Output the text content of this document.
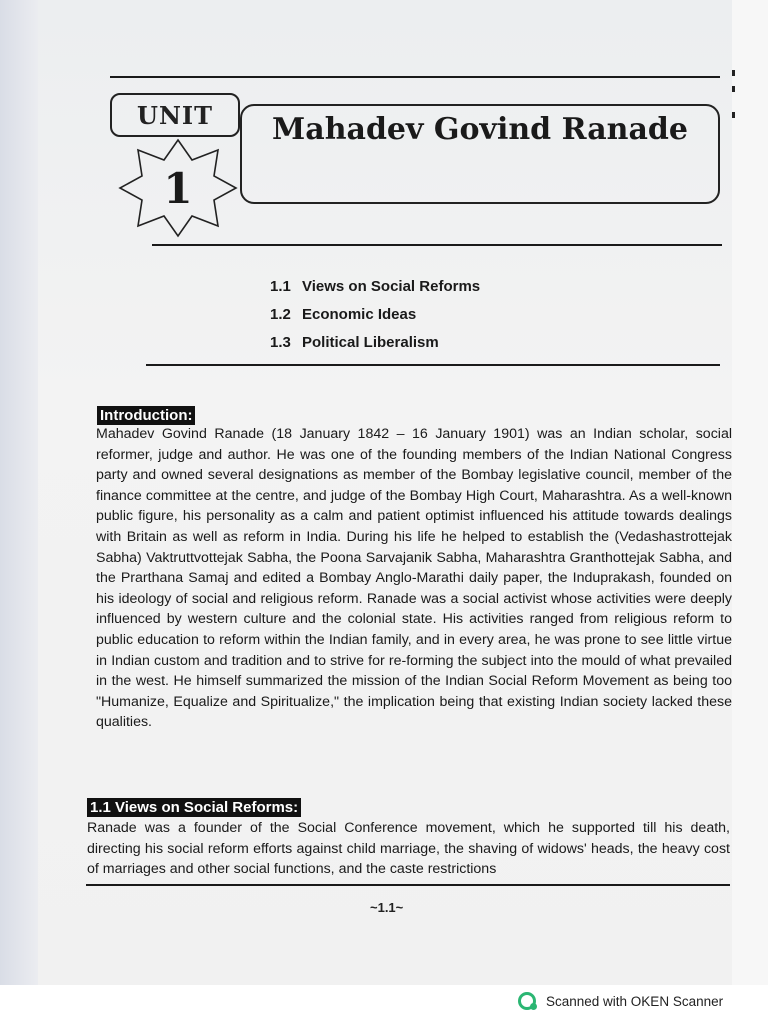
UNIT
1
Mahadev Govind Ranade
1.1 Views on Social Reforms
1.2 Economic Ideas
1.3 Political Liberalism
Introduction:

Mahadev Govind Ranade (18 January 1842 – 16 January 1901) was an Indian scholar, social reformer, judge and author. He was one of the founding members of the Indian National Congress party and owned several designations as member of the Bombay legislative council, member of the finance committee at the centre, and judge of the Bombay High Court, Maharashtra. As a well-known public figure, his personality as a calm and patient optimist influenced his attitude towards dealings with Britain as well as reform in India. During his life he helped to establish the (Vedashastrottejak Sabha) Vaktruttvottejak Sabha, the Poona Sarvajanik Sabha, Maharashtra Granthottejak Sabha, and the Prarthana Samaj and edited a Bombay Anglo-Marathi daily paper, the Induprakash, founded on his ideology of social and religious reform. Ranade was a social activist whose activities were deeply influenced by western culture and the colonial state. His activities ranged from religious reform to public education to reform within the Indian family, and in every area, he was prone to see little virtue in Indian custom and tradition and to strive for re-forming the subject into the mould of what prevailed in the west. He himself summarized the mission of the Indian Social Reform Movement as being too "Humanize, Equalize and Spiritualize," the implication being that existing Indian society lacked these qualities.

1.1 Views on Social Reforms:

Ranade was a founder of the Social Conference movement, which he supported till his death, directing his social reform efforts against child marriage, the shaving of widows' heads, the heavy cost of marriages and other social functions, and the caste restrictions

~1.1~
Scanned with OKEN Scanner
